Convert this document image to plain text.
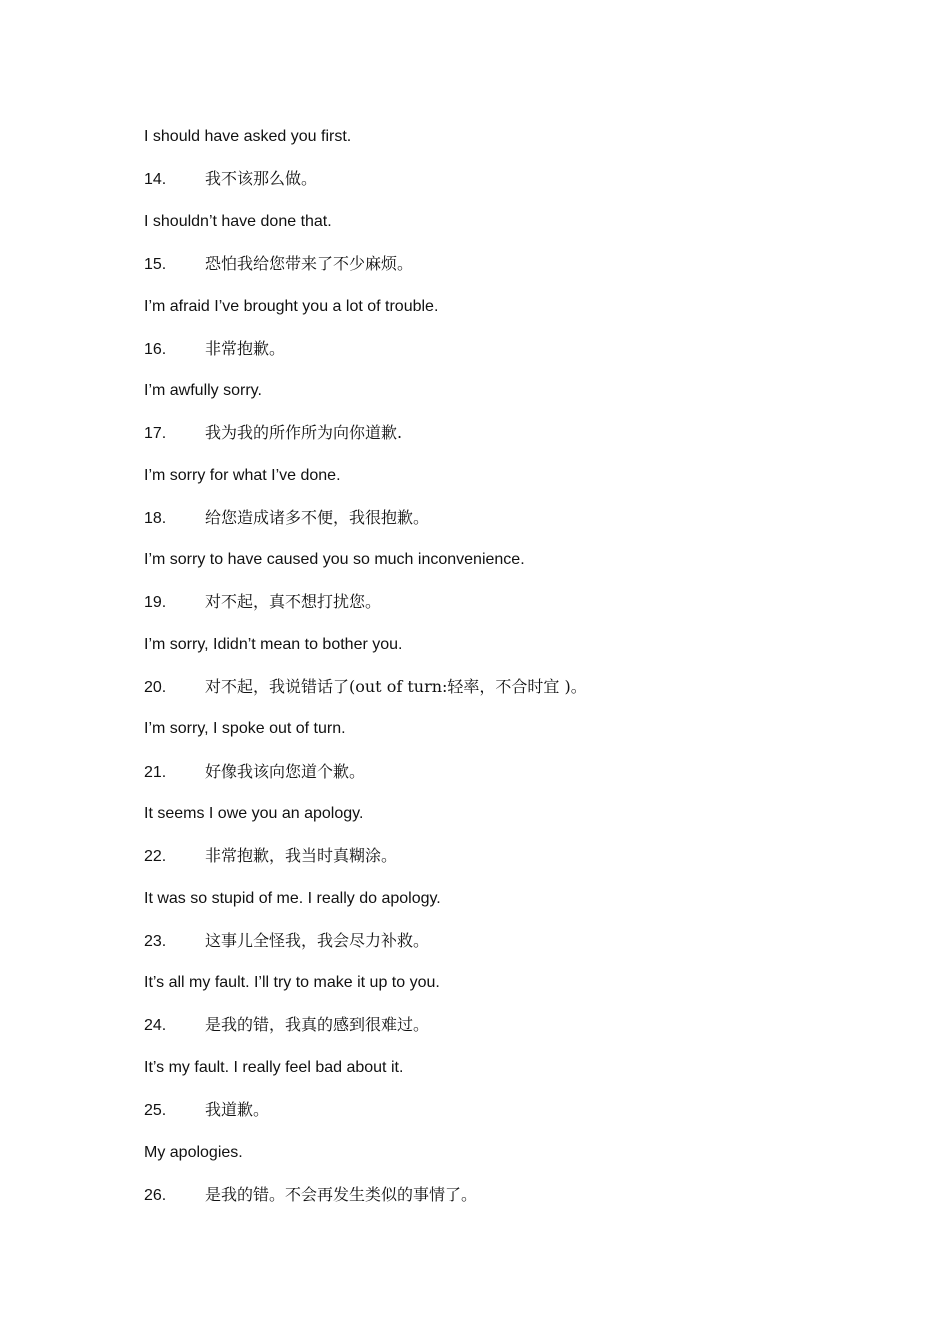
I should have asked you first.
14. 我不该那么做。
I shouldn’t have done that.
15. 恐怕我给您带来了不少麻烦。
I’m afraid I’ve brought you a lot of trouble.
16. 非常抱歉。
I’m awfully sorry.
17. 我为我的所作所为向你道歉.
I’m sorry for what I’ve done.
18. 给您造成诸多不便，我很抱歉。
I’m sorry to have caused you so much inconvenience.
19. 对不起，真不想打扰您。
I’m sorry, Ididn’t mean to bother you.
20. 对不起，我说错话了(out of turn:轻率，不合时宜 )。
I’m sorry, I spoke out of turn.
21. 好像我该向您道个歉。
It seems I owe you an apology.
22. 非常抱歉，我当时真糊涂。
It was so stupid of me. I really do apology.
23. 这事儿全怪我，我会尽力补救。
It’s all my fault. I’ll try to make it up to you.
24. 是我的错，我真的感到很难过。
It’s my fault. I really feel bad about it.
25. 我道歉。
My apologies.
26. 是我的错。不会再发生类似的事情了。
